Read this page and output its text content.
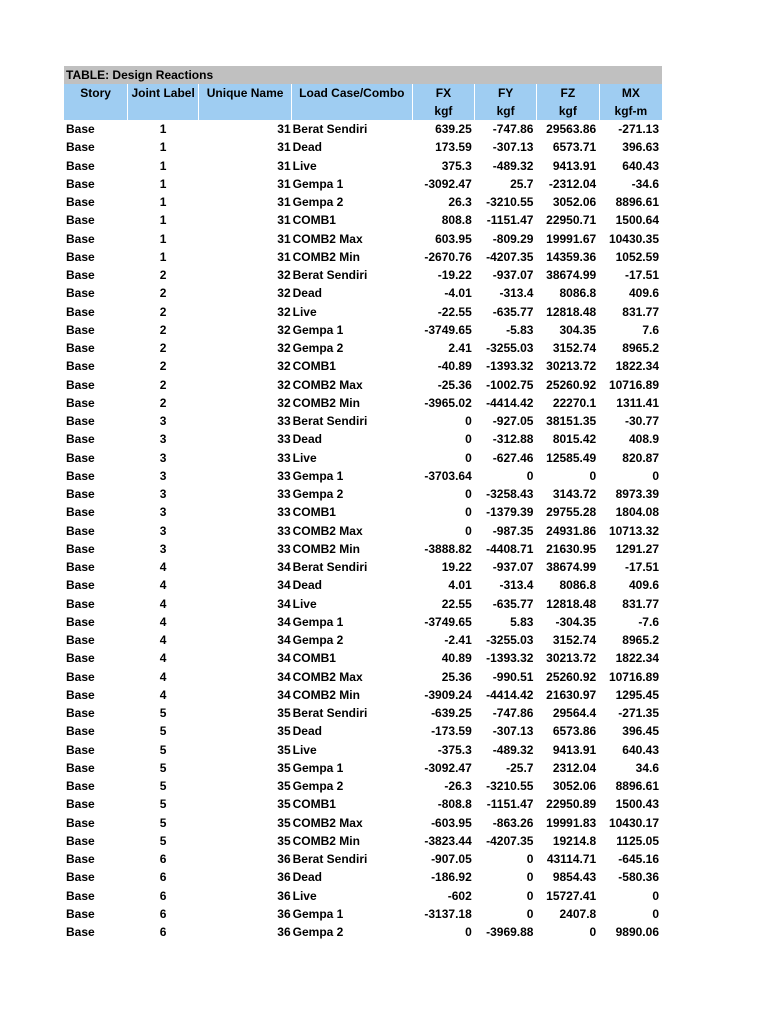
TABLE: Design Reactions
Story	Joint Label	Unique Name	Load Case/Combo	FX	FY	FZ	MX
				kgf	kgf	kgf	kgf-m
Base	1	31	Berat Sendiri	639.25	-747.86	29563.86	-271.13
Base	1	31	Dead	173.59	-307.13	6573.71	396.63
Base	1	31	Live	375.3	-489.32	9413.91	640.43
Base	1	31	Gempa 1	-3092.47	25.7	-2312.04	-34.6
Base	1	31	Gempa 2	26.3	-3210.55	3052.06	8896.61
Base	1	31	COMB1	808.8	-1151.47	22950.71	1500.64
Base	1	31	COMB2 Max	603.95	-809.29	19991.67	10430.35
Base	1	31	COMB2 Min	-2670.76	-4207.35	14359.36	1052.59
Base	2	32	Berat Sendiri	-19.22	-937.07	38674.99	-17.51
Base	2	32	Dead	-4.01	-313.4	8086.8	409.6
Base	2	32	Live	-22.55	-635.77	12818.48	831.77
Base	2	32	Gempa 1	-3749.65	-5.83	304.35	7.6
Base	2	32	Gempa 2	2.41	-3255.03	3152.74	8965.2
Base	2	32	COMB1	-40.89	-1393.32	30213.72	1822.34
Base	2	32	COMB2 Max	-25.36	-1002.75	25260.92	10716.89
Base	2	32	COMB2 Min	-3965.02	-4414.42	22270.1	1311.41
Base	3	33	Berat Sendiri	0	-927.05	38151.35	-30.77
Base	3	33	Dead	0	-312.88	8015.42	408.9
Base	3	33	Live	0	-627.46	12585.49	820.87
Base	3	33	Gempa 1	-3703.64	0	0	0
Base	3	33	Gempa 2	0	-3258.43	3143.72	8973.39
Base	3	33	COMB1	0	-1379.39	29755.28	1804.08
Base	3	33	COMB2 Max	0	-987.35	24931.86	10713.32
Base	3	33	COMB2 Min	-3888.82	-4408.71	21630.95	1291.27
Base	4	34	Berat Sendiri	19.22	-937.07	38674.99	-17.51
Base	4	34	Dead	4.01	-313.4	8086.8	409.6
Base	4	34	Live	22.55	-635.77	12818.48	831.77
Base	4	34	Gempa 1	-3749.65	5.83	-304.35	-7.6
Base	4	34	Gempa 2	-2.41	-3255.03	3152.74	8965.2
Base	4	34	COMB1	40.89	-1393.32	30213.72	1822.34
Base	4	34	COMB2 Max	25.36	-990.51	25260.92	10716.89
Base	4	34	COMB2 Min	-3909.24	-4414.42	21630.97	1295.45
Base	5	35	Berat Sendiri	-639.25	-747.86	29564.4	-271.35
Base	5	35	Dead	-173.59	-307.13	6573.86	396.45
Base	5	35	Live	-375.3	-489.32	9413.91	640.43
Base	5	35	Gempa 1	-3092.47	-25.7	2312.04	34.6
Base	5	35	Gempa 2	-26.3	-3210.55	3052.06	8896.61
Base	5	35	COMB1	-808.8	-1151.47	22950.89	1500.43
Base	5	35	COMB2 Max	-603.95	-863.26	19991.83	10430.17
Base	5	35	COMB2 Min	-3823.44	-4207.35	19214.8	1125.05
Base	6	36	Berat Sendiri	-907.05	0	43114.71	-645.16
Base	6	36	Dead	-186.92	0	9854.43	-580.36
Base	6	36	Live	-602	0	15727.41	0
Base	6	36	Gempa 1	-3137.18	0	2407.8	0
Base	6	36	Gempa 2	0	-3969.88	0	9890.06
